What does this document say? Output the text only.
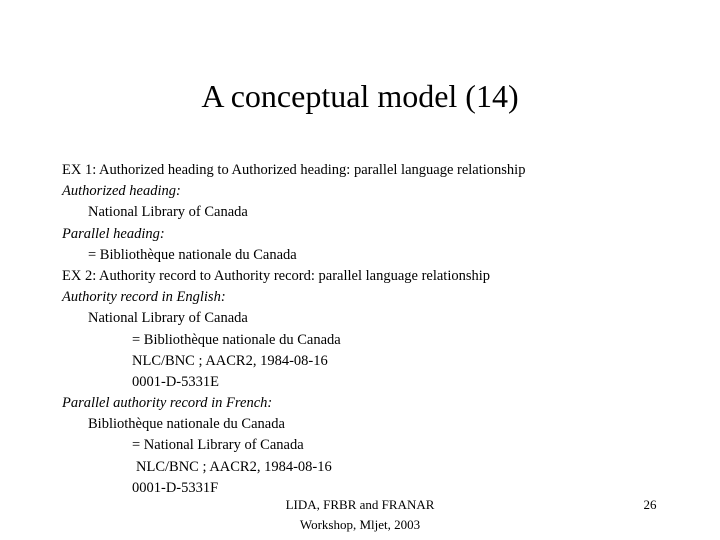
A conceptual model (14)
EX 1: Authorized heading to Authorized heading: parallel language relationship
Authorized heading:
National Library of Canada
Parallel heading:
= Bibliothèque nationale du Canada
EX 2: Authority record to Authority record: parallel language relationship
Authority record in English:
National Library of Canada
= Bibliothèque nationale du Canada
NLC/BNC ; AACR2, 1984-08-16
0001-D-5331E
Parallel authority record in French:
Bibliothèque nationale du Canada
= National Library of Canada
NLC/BNC ; AACR2, 1984-08-16
0001-D-5331F
LIDA, FRBR and FRANAR
Workshop, Mljet, 2003
26
